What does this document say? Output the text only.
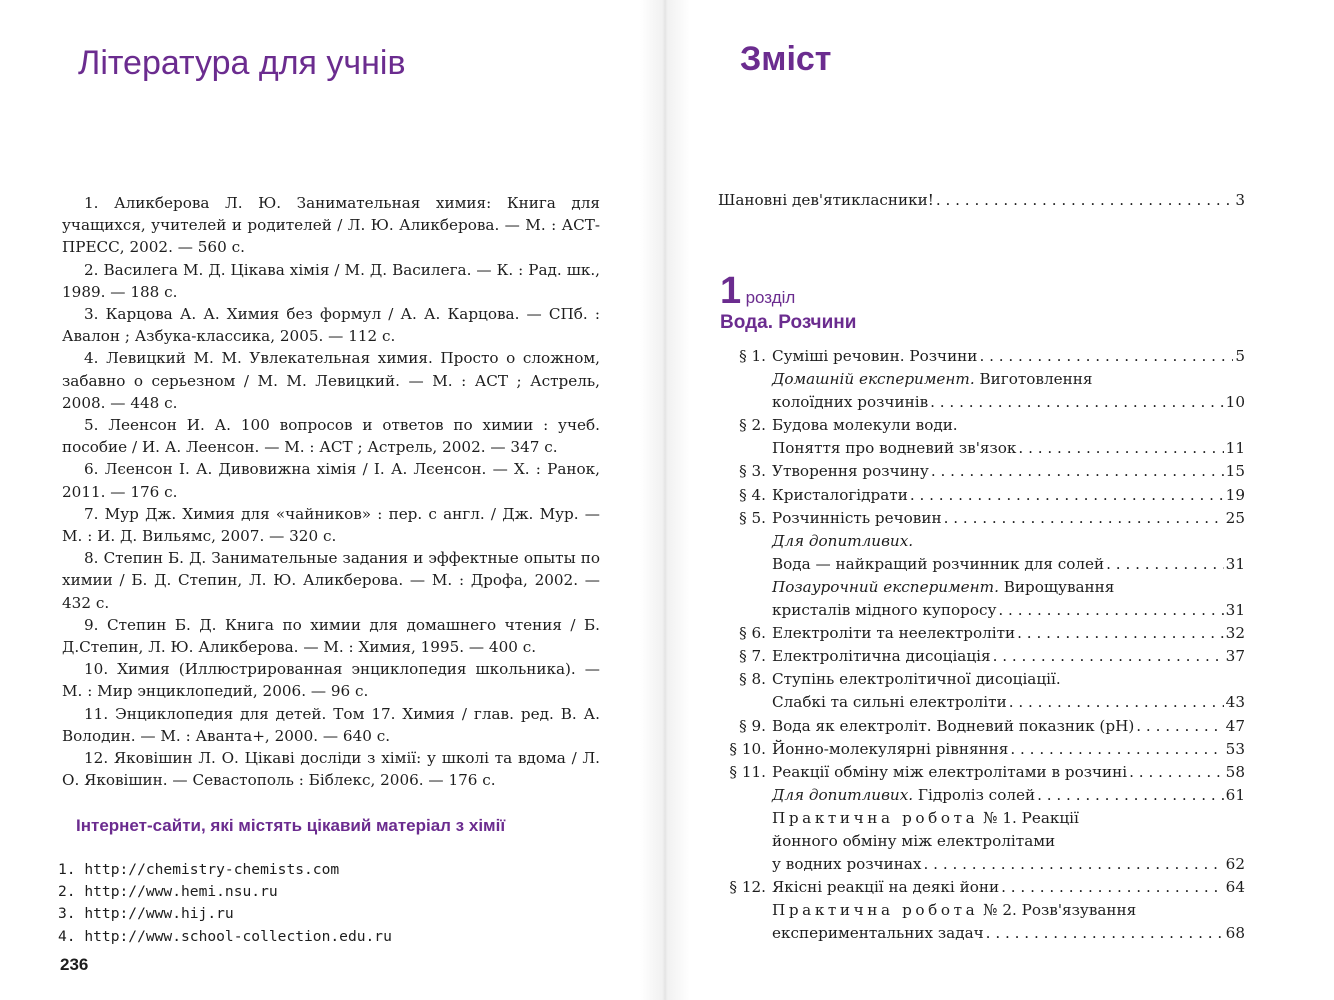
Література для учнів

1. Аликберова Л. Ю. Занимательная химия: Книга для учащихся, учителей и родителей / Л. Ю. Аликберова. — М. : АСТ-ПРЕСС, 2002. — 560 с.

2. Василега М. Д. Цікава хімія / М. Д. Василега. — К. : Рад. шк., 1989. — 188 с.

3. Карцова А. А. Химия без формул / А. А. Карцова. — СПб. : Авалон ; Азбука-классика, 2005. — 112 с.

4. Левицкий М. М. Увлекательная химия. Просто о сложном, забавно о серьезном / М. М. Левицкий. — М. : АСТ ; Астрель, 2008. — 448 с.

5. Леенсон И. А. 100 вопросов и ответов по химии : учеб. пособие / И. А. Леенсон. — М. : АСТ ; Астрель, 2002. — 347 с.

6. Лєенсон І. А. Дивовижна хімія / І. А. Лєенсон. — Х. : Ранок, 2011. — 176 с.

7. Мур Дж. Химия для «чайников» : пер. с англ. / Дж. Мур. — М. : И. Д. Вильямс, 2007. — 320 с.

8. Степин Б. Д. Занимательные задания и эффектные опыты по химии / Б. Д. Степин, Л. Ю. Аликберова. — М. : Дрофа, 2002. — 432 с.

9. Степин Б. Д. Книга по химии для домашнего чтения / Б. Д.Степин, Л. Ю. Аликберова. — М. : Химия, 1995. — 400 с.

10. Химия (Иллюстрированная энциклопедия школьника). — М. : Мир энциклопедий, 2006. — 96 с.

11. Энциклопедия для детей. Том 17. Химия / глав. ред. В. А. Володин. — М. : Аванта+, 2000. — 640 с.

12. Яковішин Л. О. Цікаві досліди з хімії: у школі та вдома / Л. О. Яковішин. — Севастополь : Біблекс, 2006. — 176 с.

Інтернет-сайти, які містять цікавий матеріал з хімії
1. http://chemistry-chemists.com
2. http://www.hemi.nsu.ru
3. http://www.hij.ru
4. http://www.school-collection.edu.ru
236
Зміст
Шановні дев'ятикласники! . . .	3
1 розділ
Вода. Розчини
§ 1. Суміші речовин. Розчини . . .	5
Домашній експеримент. Виготовлення
колоїдних розчинів . . .	10
§ 2. Будова молекули води.
Поняття про водневий зв'язок . . .	11
§ 3. Утворення розчину . . .	15
§ 4. Кристалогідрати . . .	19
§ 5. Розчинність речовин . . .	25
Для допитливих.
Вода — найкращий розчинник для солей . . .	31
Позаурочний експеримент. Вирощування
кристалів мідного купоросу . . .	31
§ 6. Електроліти та неелектроліти . . .	32
§ 7. Електролітична дисоціація . . .	37
§ 8. Ступінь електролітичної дисоціації.
Слабкі та сильні електроліти . . .	43
§ 9. Вода як електроліт. Водневий показник (pH) . . .	47
§ 10. Йонно-молекулярні рівняння . . .	53
§ 11. Реакції обміну між електролітами в розчині . . .	58
Для допитливих. Гідроліз солей . . .	61
Практична робота № 1. Реакції
йонного обміну між електролітами
у водних розчинах . . .	62
§ 12. Якісні реакції на деякі йони . . .	64
Практична робота № 2. Розв'язування
експериментальних задач . . .	68
